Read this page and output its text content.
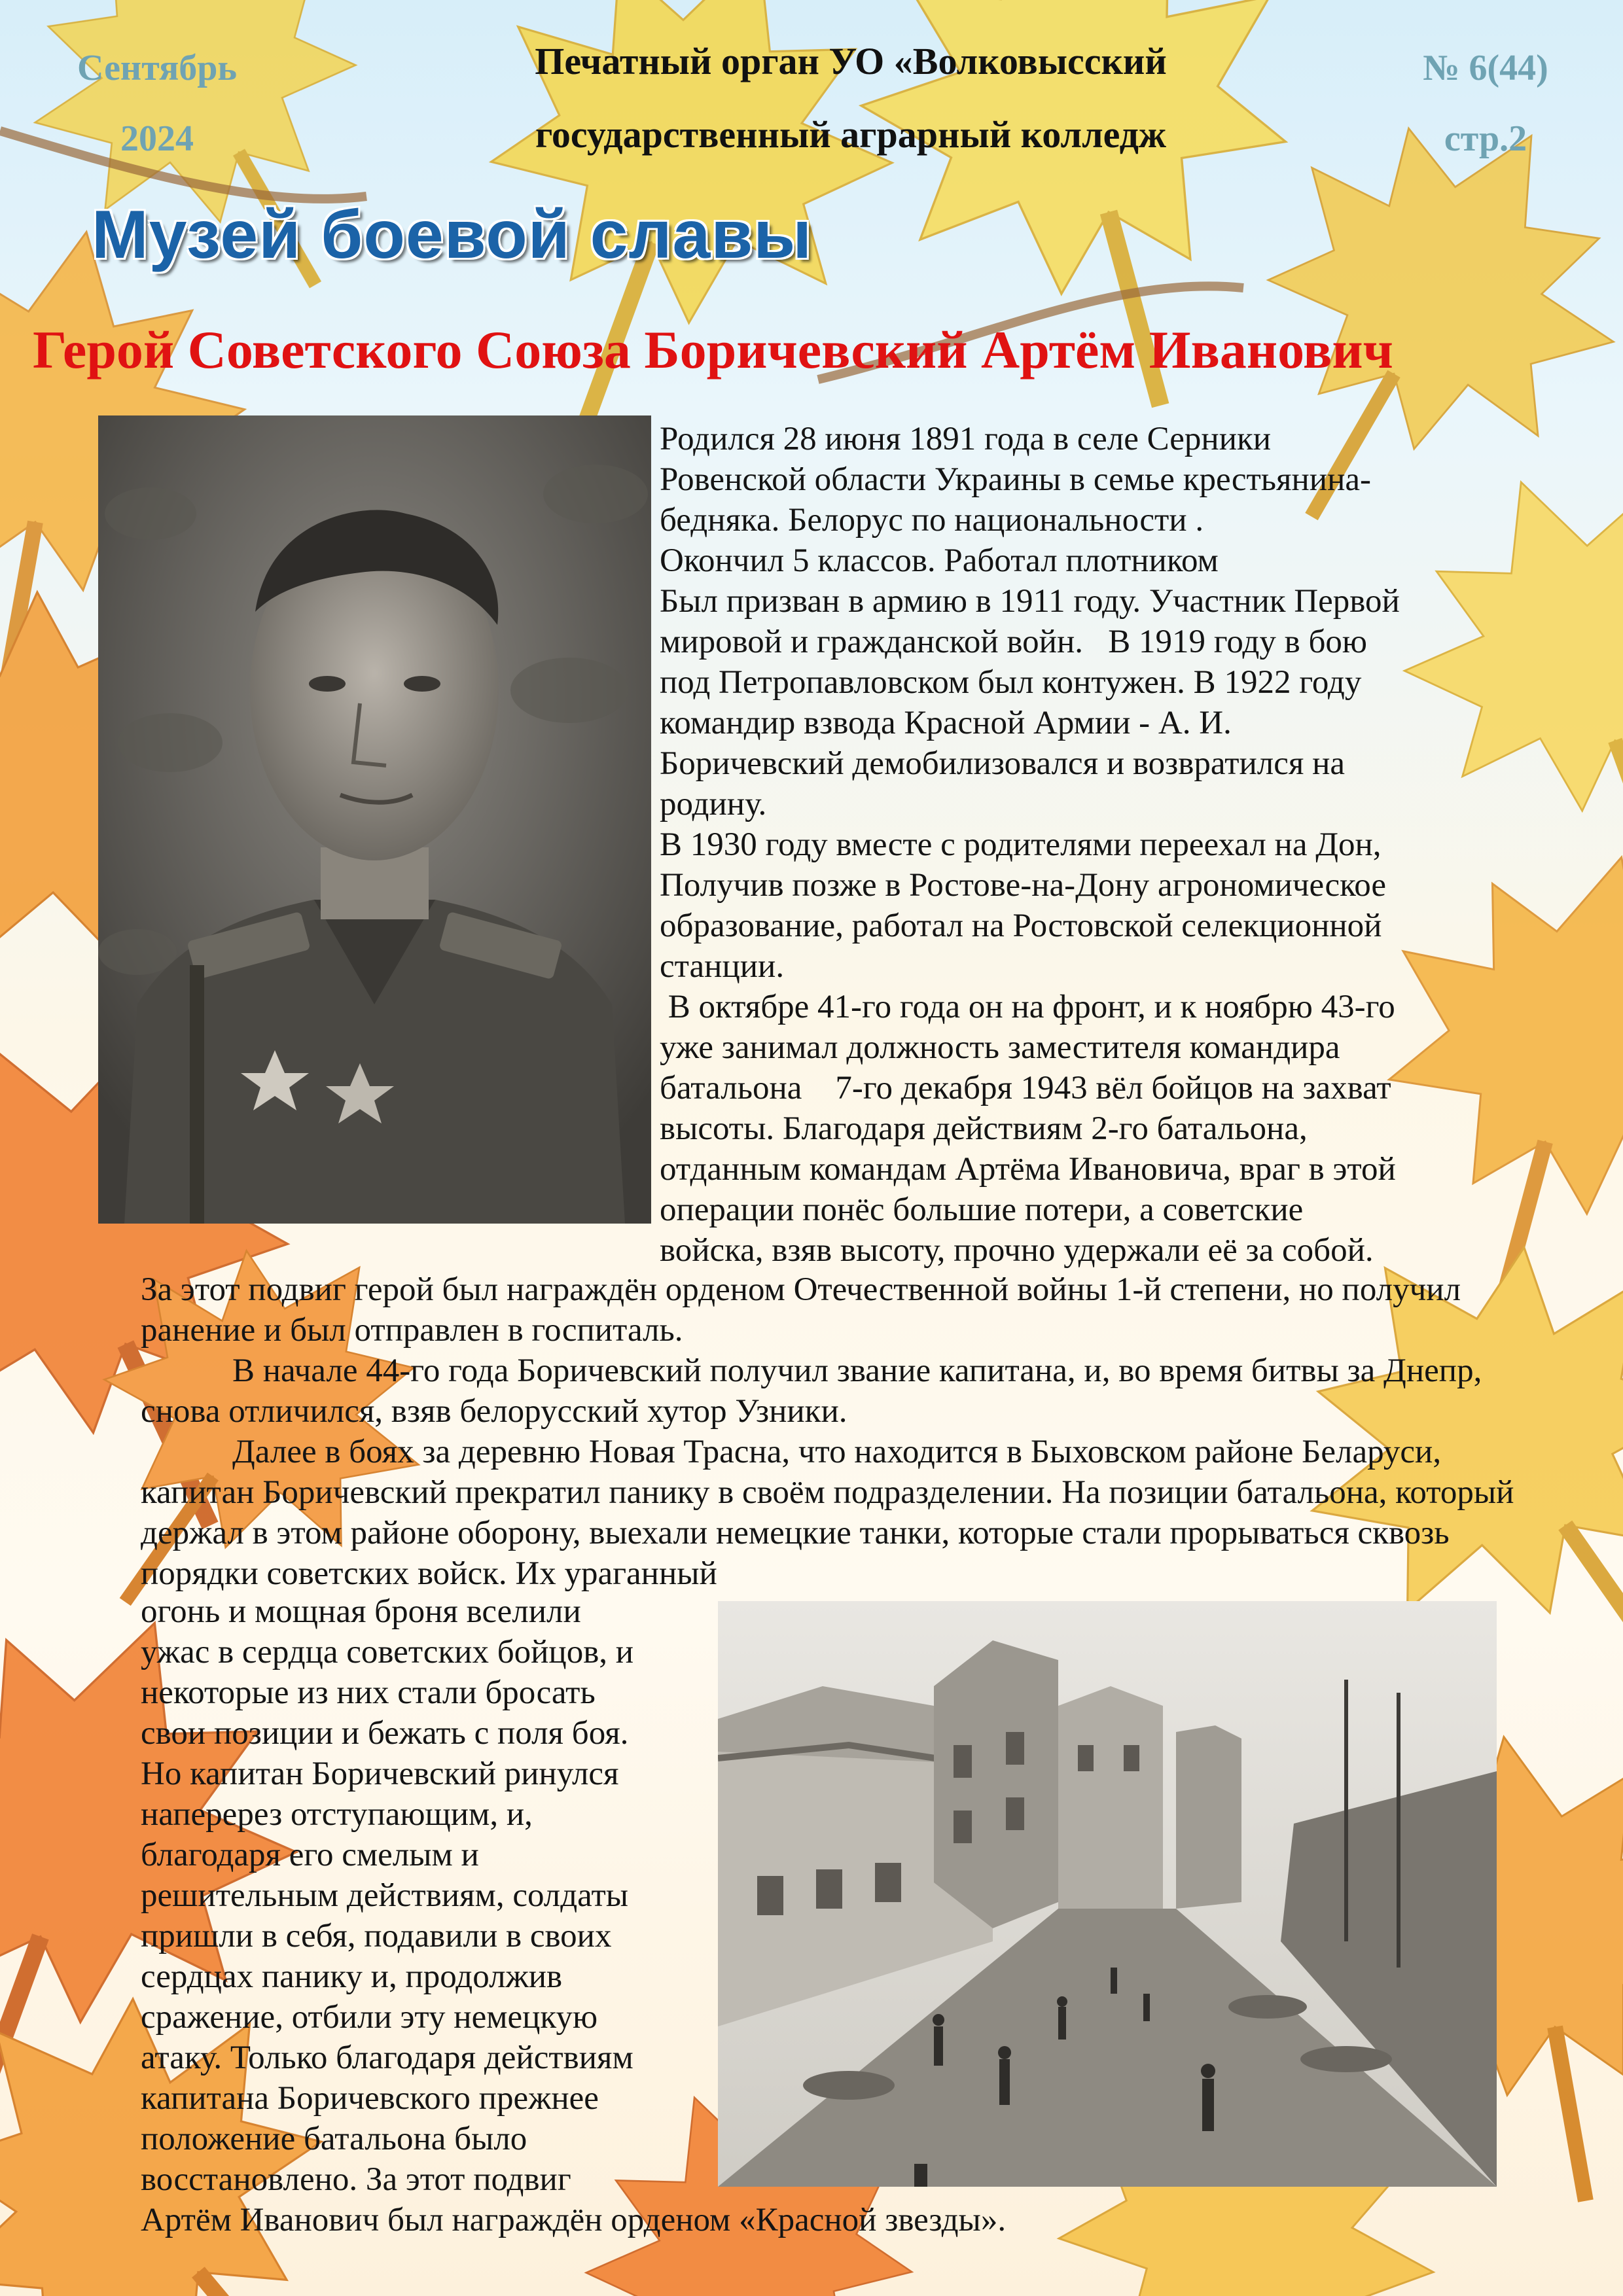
Сентябрь
2024
Печатный орган УО «Волковысский
государственный аграрный колледж
№ 6(44)
стр.2
Музей боевой славы
Герой Советского Союза Боричевский Артём Иванович
Родился 28 июня 1891 года в селе Серники
Ровенской области Украины в семье крестьянина-
бедняка. Белорус по национальности .
Окончил 5 классов. Работал плотником
Был призван в армию в 1911 году. Участник Первой
мировой и гражданской войн.   В 1919 году в бою
под Петропавловском был контужен. В 1922 году
командир взвода Красной Армии - А. И.
Боричевский демобилизовался и возвратился на
родину.
В 1930 году вместе с родителями переехал на Дон,
Получив позже в Ростове-на-Дону агрономическое
образование, работал на Ростовской селекционной
станции.
В октябре 41-го года он на фронт, и к ноябрю 43-го
уже занимал должность заместителя командира
батальона    7-го декабря 1943 вёл бойцов на захват
высоты. Благодаря действиям 2-го батальона,
отданным командам Артёма Ивановича, враг в этой
операции понёс большие потери, а советские
войска, взяв высоту, прочно удержали её за собой.

За этот подвиг герой был награждён орденом Отечественной войны 1-й степени, но получил ранение и был отправлен в госпиталь.

В начале 44-го года Боричевский получил звание капитана, и, во время битвы за Днепр, снова отличился, взяв белорусский хутор Узники.

Далее в боях за деревню Новая Трасна, что находится в Быховском районе Беларуси, капитан Боричевский прекратил панику в своём подразделении. На позиции батальона, который держал в этом районе оборону, выехали немецкие танки, которые стали прорываться сквозь порядки советских войск. Их ураганный

огонь и мощная броня вселили
ужас в сердца советских бойцов, и
некоторые из них стали бросать
свои позиции и бежать с поля боя.
Но капитан Боричевский ринулся
наперерез отступающим, и,
благодаря его смелым и
решительным действиям, солдаты
пришли в себя, подавили в своих
сердцах панику и, продолжив
сражение, отбили эту немецкую
атаку. Только благодаря действиям
капитана Боричевского прежнее
положение батальона было
восстановлено. За этот подвиг
Артём Иванович был награждён орденом «Красной звезды».
